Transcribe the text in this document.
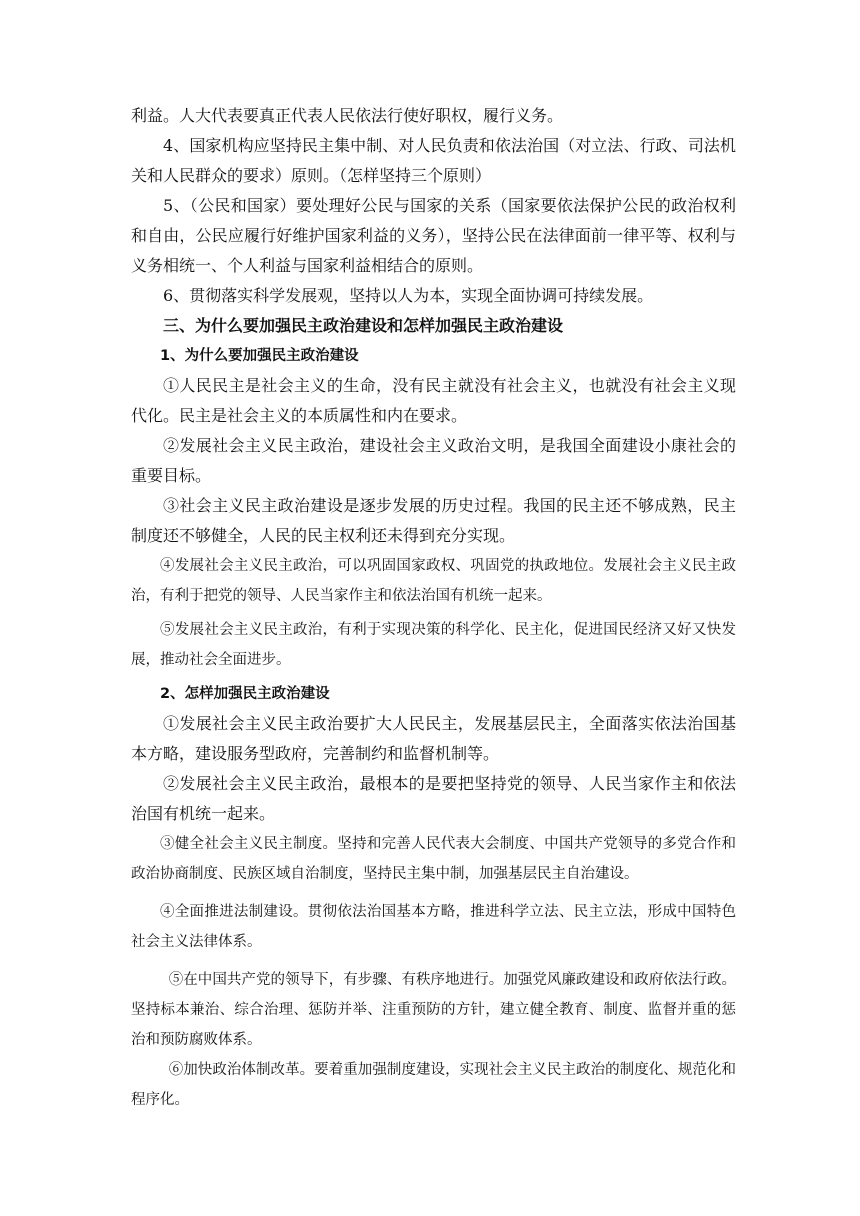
利益。人大代表要真正代表人民依法行使好职权，履行义务。

4、国家机构应坚持民主集中制、对人民负责和依法治国（对立法、行政、司法机关和人民群众的要求）原则。（怎样坚持三个原则）

5、（公民和国家）要处理好公民与国家的关系（国家要依法保护公民的政治权利和自由，公民应履行好维护国家利益的义务），坚持公民在法律面前一律平等、权利与义务相统一、个人利益与国家利益相结合的原则。

6、贯彻落实科学发展观，坚持以人为本，实现全面协调可持续发展。

三、为什么要加强民主政治建设和怎样加强民主政治建设

1、为什么要加强民主政治建设

①人民民主是社会主义的生命，没有民主就没有社会主义，也就没有社会主义现代化。民主是社会主义的本质属性和内在要求。

②发展社会主义民主政治，建设社会主义政治文明，是我国全面建设小康社会的重要目标。

③社会主义民主政治建设是逐步发展的历史过程。我国的民主还不够成熟，民主制度还不够健全，人民的民主权利还未得到充分实现。

④发展社会主义民主政治，可以巩固国家政权、巩固党的执政地位。发展社会主义民主政治，有利于把党的领导、人民当家作主和依法治国有机统一起来。

⑤发展社会主义民主政治，有利于实现决策的科学化、民主化，促进国民经济又好又快发展，推动社会全面进步。

2、怎样加强民主政治建设

①发展社会主义民主政治要扩大人民民主，发展基层民主，全面落实依法治国基本方略，建设服务型政府，完善制约和监督机制等。

②发展社会主义民主政治，最根本的是要把坚持党的领导、人民当家作主和依法治国有机统一起来。

③健全社会主义民主制度。坚持和完善人民代表大会制度、中国共产党领导的多党合作和政治协商制度、民族区域自治制度，坚持民主集中制，加强基层民主自治建设。

④全面推进法制建设。贯彻依法治国基本方略，推进科学立法、民主立法，形成中国特色社会主义法律体系。

⑤在中国共产党的领导下，有步骤、有秩序地进行。加强党风廉政建设和政府依法行政。坚持标本兼治、综合治理、惩防并举、注重预防的方针，建立健全教育、制度、监督并重的惩治和预防腐败体系。

⑥加快政治体制改革。要着重加强制度建设，实现社会主义民主政治的制度化、规范化和程序化。
